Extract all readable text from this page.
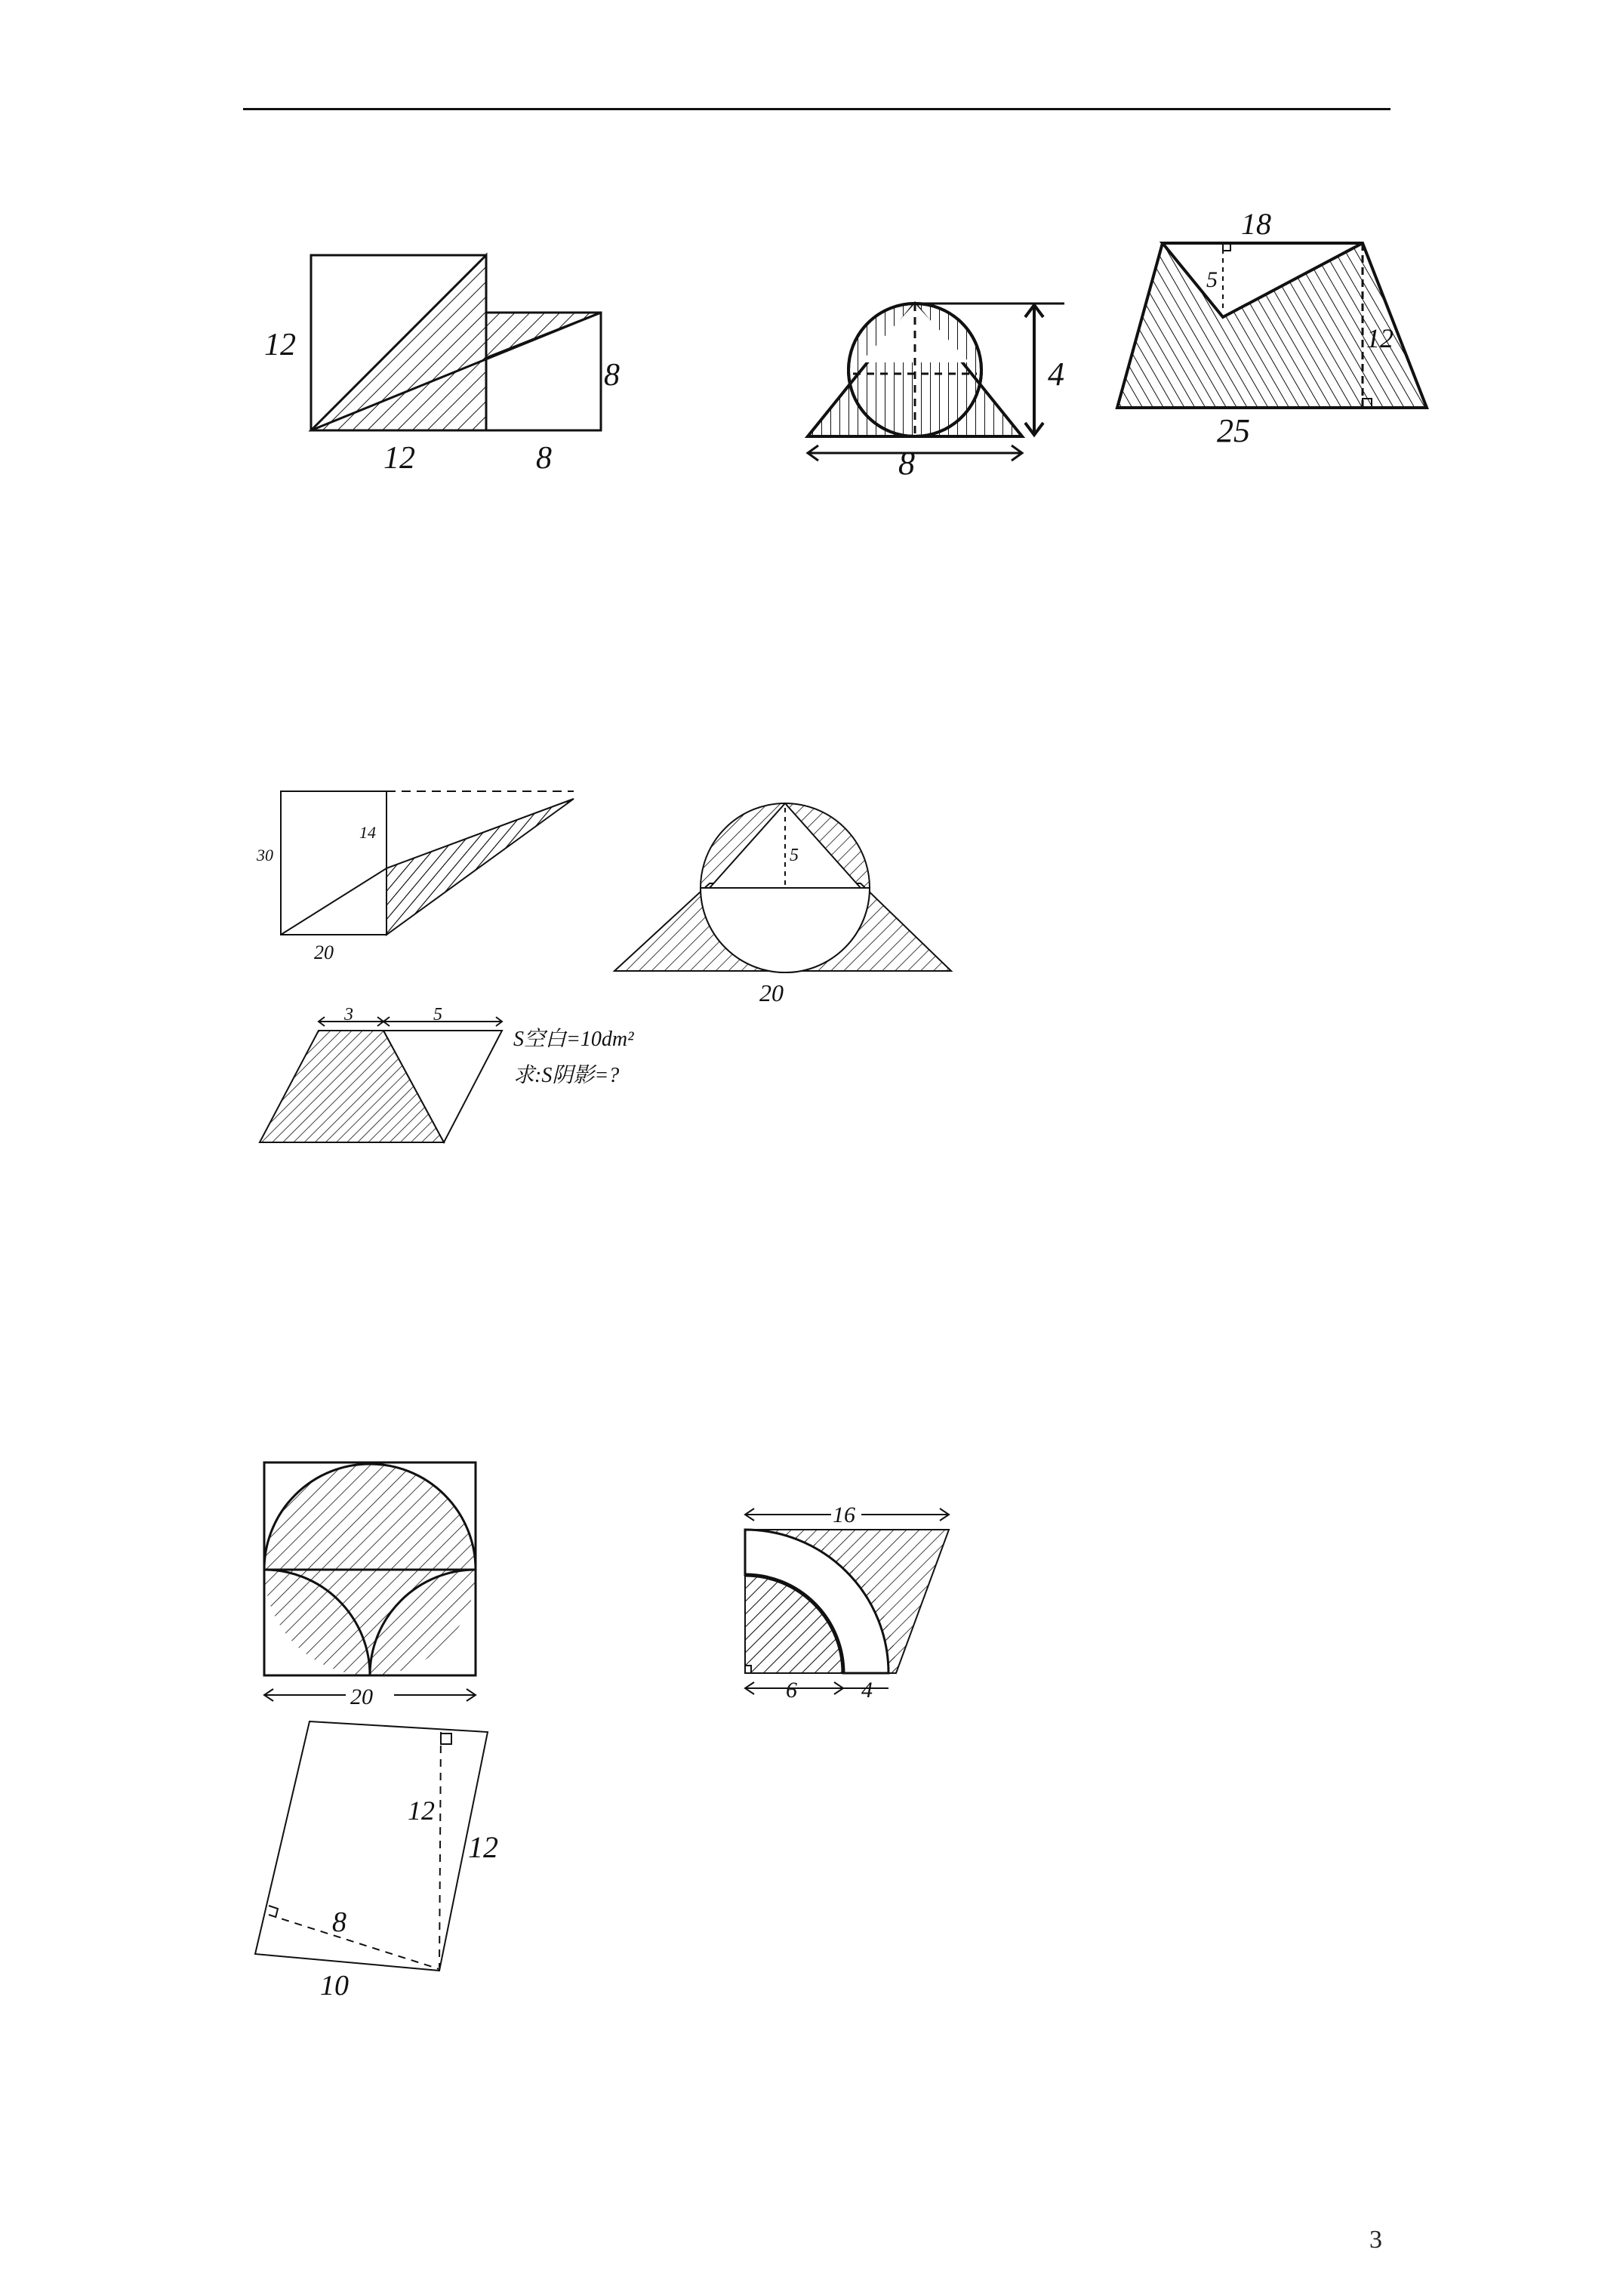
12
12	8
8	4
8
18
5
12
25
30
14
20
5
20
3	5
S空白=10dm²
求:S阴影=?
20
16
6	4
12
12
8
10
3
